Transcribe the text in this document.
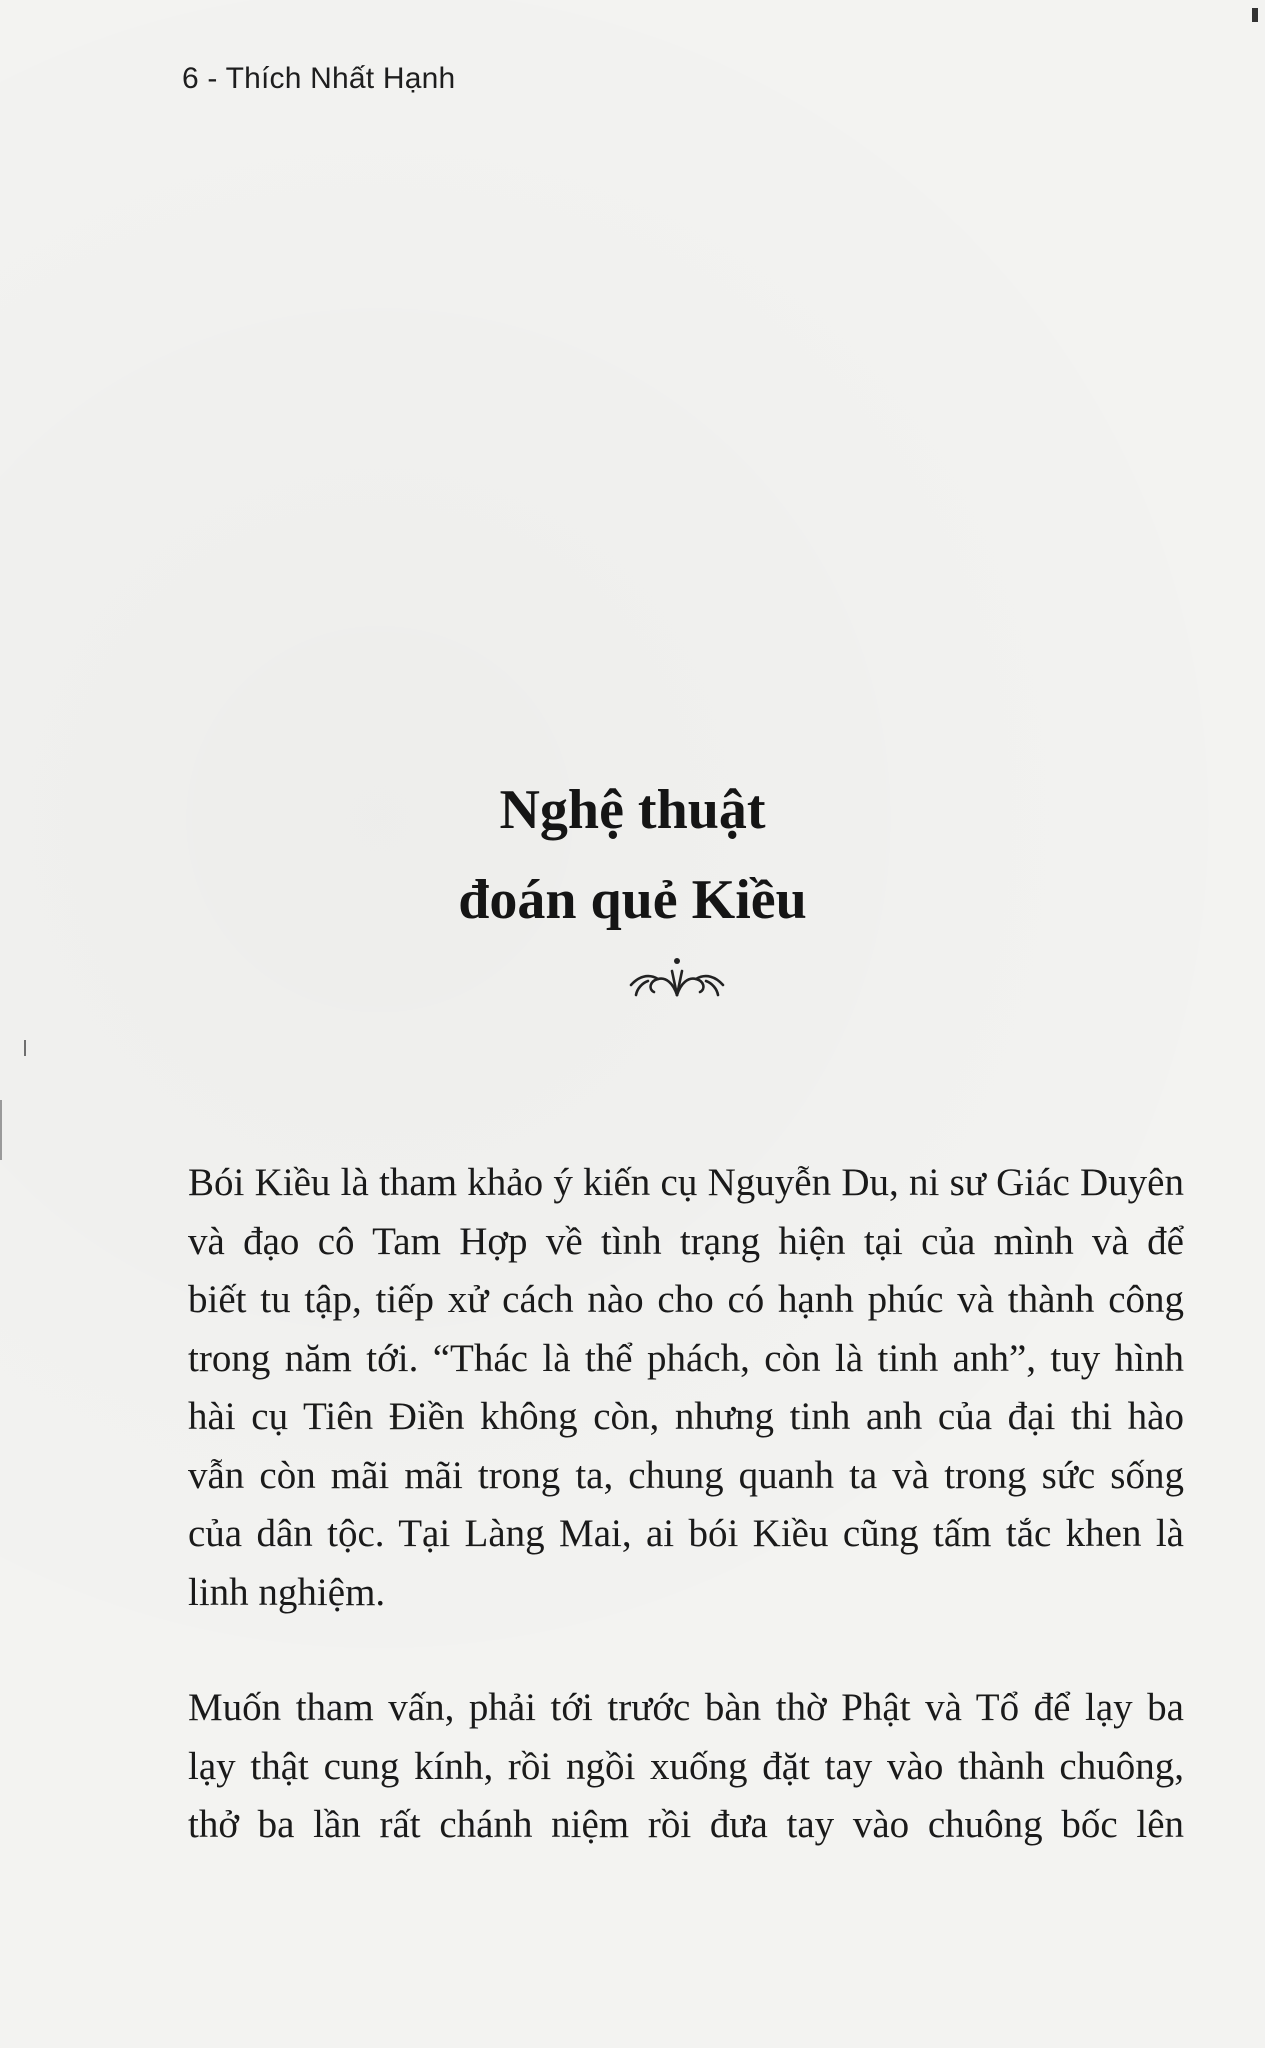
6 - Thích Nhất Hạnh
Nghệ thuật
đoán quẻ Kiều

Bói Kiều là tham khảo ý kiến cụ Nguyễn Du, ni sư Giác Duyên
và đạo cô Tam Hợp về tình trạng hiện tại của mình và để
biết tu tập, tiếp xử cách nào cho có hạnh phúc và thành công
trong năm tới. “Thác là thể phách, còn là tinh anh”, tuy hình
hài cụ Tiên Điền không còn, nhưng tinh anh của đại thi hào
vẫn còn mãi mãi trong ta, chung quanh ta và trong sức sống
của dân tộc. Tại Làng Mai, ai bói Kiều cũng tấm tắc khen là
linh nghiệm.

Muốn tham vấn, phải tới trước bàn thờ Phật và Tổ để lạy ba
lạy thật cung kính, rồi ngồi xuống đặt tay vào thành chuông,
thở ba lần rất chánh niệm rồi đưa tay vào chuông bốc lên
